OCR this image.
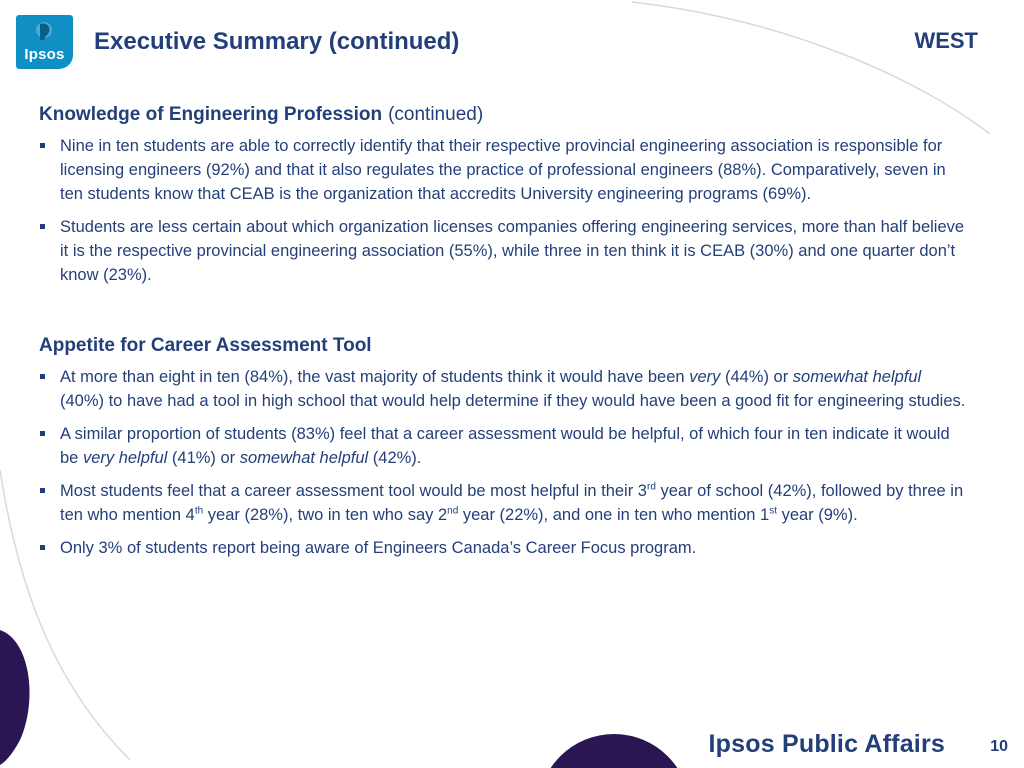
Ipsos	Executive Summary (continued)	WEST
Knowledge of Engineering Profession (continued)
Nine in ten students are able to correctly identify that their respective provincial engineering association is responsible for licensing engineers (92%) and that it also regulates the practice of professional engineers (88%). Comparatively, seven in ten students know that CEAB is the organization that accredits University engineering programs (69%).
Students are less certain about which organization licenses companies offering engineering services, more than half believe it is the respective provincial engineering association (55%), while three in ten think it is CEAB (30%) and one quarter don’t know (23%).
Appetite for Career Assessment Tool
At more than eight in ten (84%), the vast majority of students think it would have been very (44%) or somewhat helpful (40%) to have had a tool in high school that would help determine if they would have been a good fit for engineering studies.
A similar proportion of students (83%) feel that a career assessment would be helpful, of which four in ten indicate it would be very helpful (41%) or somewhat helpful (42%).
Most students feel that a career assessment tool would be most helpful in their 3rd year of school (42%), followed by three in ten who mention 4th year (28%), two in ten who say 2nd year (22%), and one in ten who mention 1st year (9%).
Only 3% of students report being aware of Engineers Canada’s Career Focus program.
Ipsos Public Affairs	10
